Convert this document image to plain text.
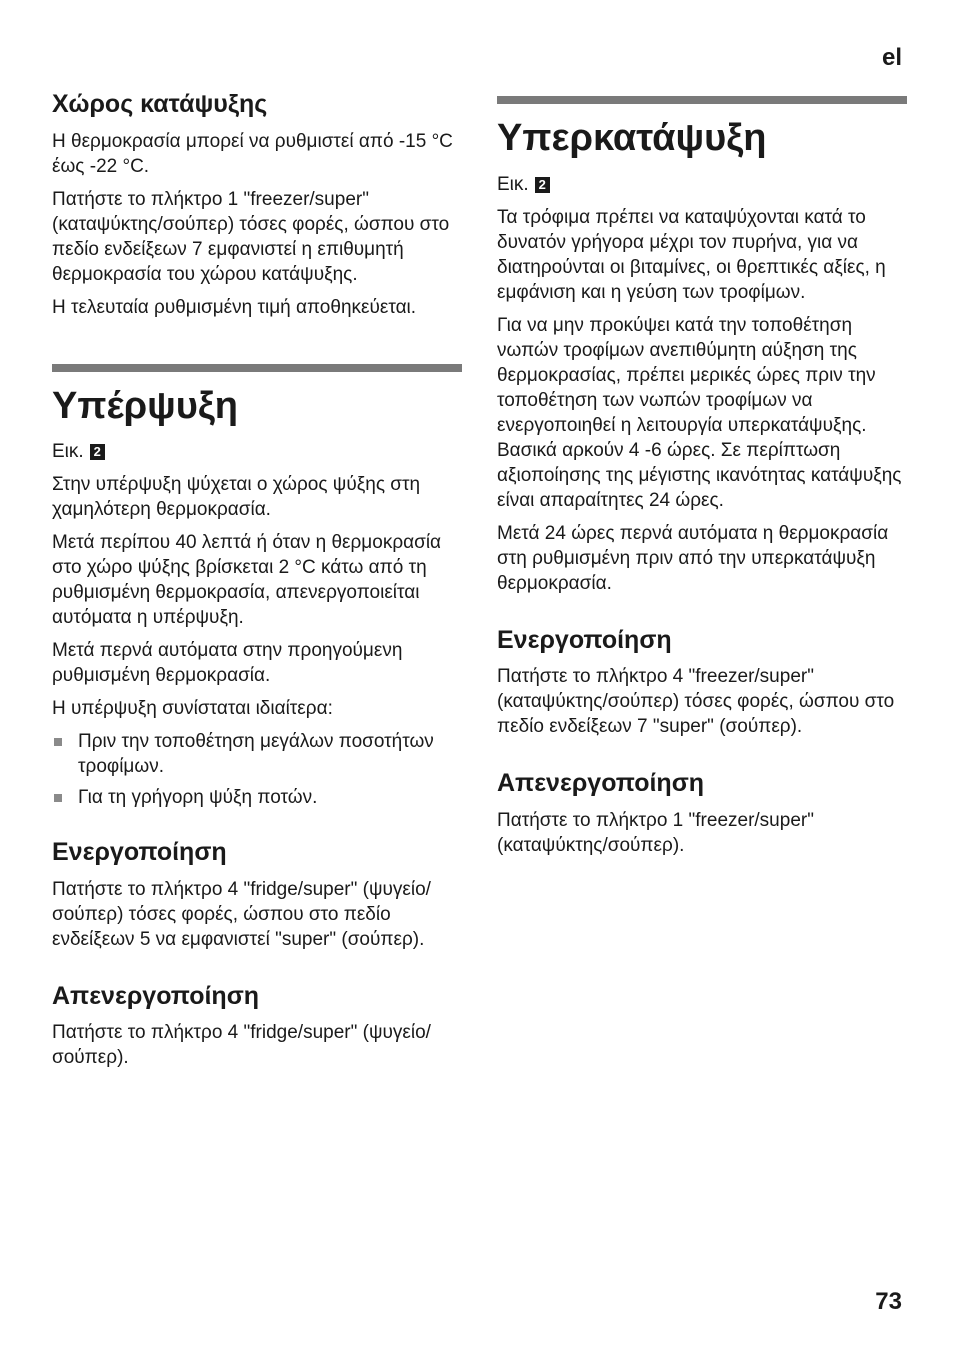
el
Χώρος κατάψυξης

Η θερμοκρασία μπορεί να ρυθμιστεί από -15 °C έως -22 °C.

Πατήστε το πλήκτρο 1 "freezer/super" (καταψύκτης/σούπερ) τόσες φορές, ώσπου στο πεδίο ενδείξεων 7 εμφανιστεί η επιθυμητή θερμοκρασία του χώρου κατάψυξης.

Η τελευταία ρυθμισμένη τιμή αποθηκεύεται.

Υπέρψυξη

Εικ. 2

Στην υπέρψυξη ψύχεται ο χώρος ψύξης στη χαμηλότερη θερμοκρασία.

Μετά περίπου 40 λεπτά ή όταν η θερμοκρασία στο χώρο ψύξης βρίσκεται 2 °C κάτω από τη ρυθμισμένη θερμοκρασία, απενεργοποιείται αυτόματα η υπέρψυξη.

Μετά περνά αυτόματα στην προηγούμενη ρυθμισμένη θερμοκρασία.

Η υπέρψυξη συνίσταται ιδιαίτερα:

Πριν την τοποθέτηση μεγάλων ποσοτήτων τροφίμων.
Για τη γρήγορη ψύξη ποτών.
Ενεργοποίηση

Πατήστε το πλήκτρο 4 "fridge/super" (ψυγείο/σούπερ) τόσες φορές, ώσπου στο πεδίο ενδείξεων 5 να εμφανιστεί "super" (σούπερ).

Απενεργοποίηση

Πατήστε το πλήκτρο 4 "fridge/super" (ψυγείο/σούπερ).

Υπερκατάψυξη

Εικ. 2

Τα τρόφιμα πρέπει να καταψύχονται κατά το δυνατόν γρήγορα μέχρι τον πυρήνα, για να διατηρούνται οι βιταμίνες, οι θρεπτικές αξίες, η εμφάνιση και η γεύση των τροφίμων.

Για να μην προκύψει κατά την τοποθέτηση νωπών τροφίμων ανεπιθύμητη αύξηση της θερμοκρασίας, πρέπει μερικές ώρες πριν την τοποθέτηση των νωπών τροφίμων να ενεργοποιηθεί η λειτουργία υπερκατάψυξης. Βασικά αρκούν 4 -6 ώρες. Σε περίπτωση αξιοποίησης της μέγιστης ικανότητας κατάψυξης είναι απαραίτητες 24 ώρες.

Μετά 24 ώρες περνά αυτόματα η θερμοκρασία στη ρυθμισμένη πριν από την υπερκατάψυξη θερμοκρασία.

Ενεργοποίηση

Πατήστε το πλήκτρο 4 "freezer/super" (καταψύκτης/σούπερ) τόσες φορές, ώσπου στο πεδίο ενδείξεων 7 "super" (σούπερ).

Απενεργοποίηση

Πατήστε το πλήκτρο 1 "freezer/super" (καταψύκτης/σούπερ).

73
